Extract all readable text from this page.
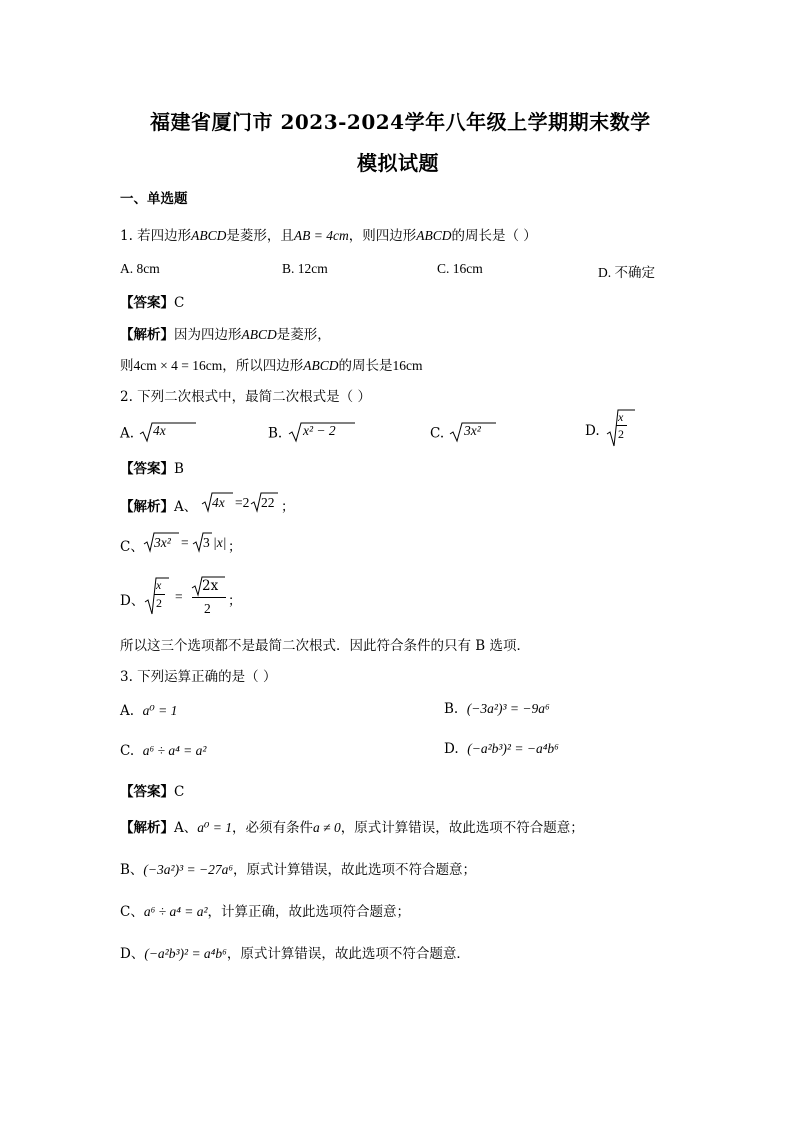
福建省厦门市 2023-2024学年八年级上学期期末数学
模拟试题
一、单选题
1. 若四边形ABCD是菱形，且AB = 4cm，则四边形ABCD的周长是（ ）
A. 8cm	B. 12cm	C. 16cm	D. 不确定
【答案】C
【解析】因为四边形ABCD是菱形，
则4cm × 4 = 16cm，所以四边形ABCD的周长是16cm
2. 下列二次根式中，最简二次根式是（ ）
A.	4x	B.	x² − 2	C.	3x²	D.
x
2
【答案】B
【解析】A、 4x =2 22 ；
C、 3x² = 3 |x| ；
D、
x
2 =
2x
2 ；
所以这三个选项都不是最简二次根式．因此符合条件的只有 B 选项．
3. 下列运算正确的是（ ）
A. a⁰ = 1	B. (−3a²)³ = −9a⁶
C. a⁶ ÷ a⁴ = a²	D. (−a²b³)² = −a⁴b⁶
【答案】C
【解析】A、a⁰ = 1，必须有条件a ≠ 0，原式计算错误，故此选项不符合题意；
B、(−3a²)³ = −27a⁶，原式计算错误，故此选项不符合题意；
C、a⁶ ÷ a⁴ = a²，计算正确，故此选项符合题意；
D、(−a²b³)² = a⁴b⁶，原式计算错误，故此选项不符合题意．
